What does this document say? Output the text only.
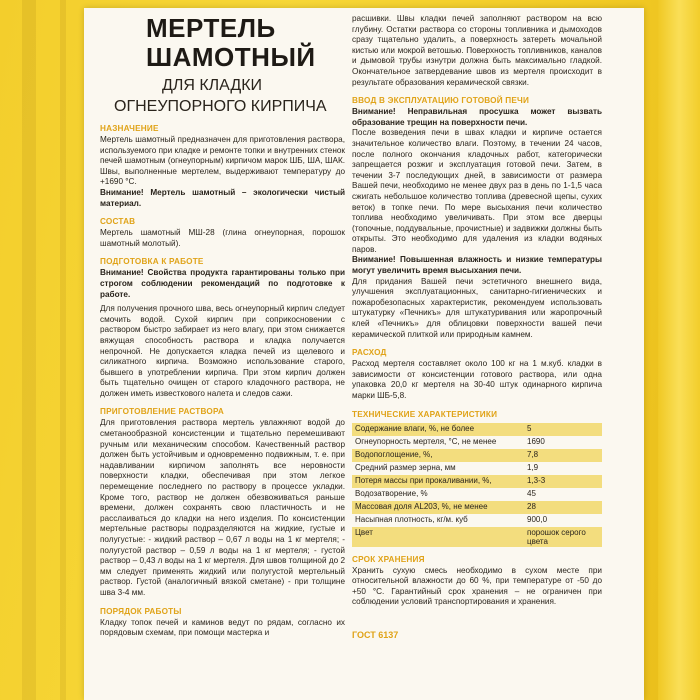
МЕРТЕЛЬ
ШАМОТНЫЙ
ДЛЯ КЛАДКИ
ОГНЕУПОРНОГО КИРПИЧА
НАЗНАЧЕНИЕ

Мертель шамотный предназначен для приготовления раствора, используемого при кладке и ремонте топки и внутренних стенок печей шамотным (огнеупорным) кирпичом марок ШБ, ША, ШАК. Швы, выполненные мертелем, выдерживают температуру до +1690 °С.

Внимание! Мертель шамотный – экологически чистый материал.

СОСТАВ

Мертель шамотный МШ-28 (глина огнеупорная, порошок шамотный молотый).

ПОДГОТОВКА К РАБОТЕ

Внимание! Свойства продукта гарантированы только при строгом соблюдении рекомендаций по подготовке к работе.

Для получения прочного шва, весь огнеупорный кирпич следует смочить водой. Сухой кирпич при соприкосновении с раствором быстро забирает из него влагу, при этом снижается вяжущая способность раствора и кладка получается непрочной. Не допускается кладка печей из щелевого и силикатного кирпича. Возможно использование старого, бывшего в употреблении кирпича. При этом кирпич должен быть тщательно очищен от старого кладочного раствора, не должен иметь известкового налета и следов сажи.

ПРИГОТОВЛЕНИЕ РАСТВОРА

Для приготовления раствора мертель увлажняют водой до сметанообразной консистенции и тщательно перемешивают ручным или механическим способом. Качественный раствор должен быть устойчивым и одновременно подвижным, т. е. при надавливании кирпичом заполнять все неровности поверхности кладки, обеспечивая при этом легкое перемещение последнего по раствору в процессе укладки. Кроме того, раствор не должен обезвоживаться раньше времени, должен сохранять свою пластичность и не расслаиваться до кладки на него изделия. По консистенции мертельные растворы подразделяются на жидкие, густые и полугустые: - жидкий раствор – 0,67 л воды на 1 кг мертеля; - полугустой раствор – 0,59 л воды на 1 кг мертеля; - густой раствор – 0,43 л воды на 1 кг мертеля. Для швов толщиной до 2 мм следует применять жидкий или полугустой мертельный раствор. Густой (аналогичный вязкой сметане) - при толщине шва 3-4 мм.

ПОРЯДОК РАБОТЫ

Кладку топок печей и каминов ведут по рядам, согласно их порядовым схемам, при помощи мастерка и

расшивки. Швы кладки печей заполняют раствором на всю глубину. Остатки раствора со стороны топливника и дымоходов сразу тщательно удалить, а поверхность затереть мочальной кистью или мокрой ветошью. Поверхность топливников, каналов и дымовой трубы изнутри должна быть максимально гладкой. Окончательное затвердевание швов из мертеля происходит в результате образования керамической связки.

ВВОД В ЭКСПЛУАТАЦИЮ ГОТОВОЙ ПЕЧИ

Внимание! Неправильная просушка может вызвать образование трещин на поверхности печи.

После возведения печи в швах кладки и кирпиче остается значительное количество влаги. Поэтому, в течении 24 часов, после полного окончания кладочных работ, категорически запрещается розжиг и эксплуатация готовой печи. Затем, в течении 3-7 последующих дней, в зависимости от размера Вашей печи, необходимо не менее двух раз в день по 1-1,5 часа сжигать небольшое количество топлива (древесной щепы, сухих веток) в топке печи. По мере высыхания печи количество топлива необходимо увеличивать. При этом все дверцы (топочные, поддувальные, прочистные) и задвижки должны быть открыты. Это необходимо для удаления из кладки водяных паров.

Внимание! Повышенная влажность и низкие температуры могут увеличить время высыхания печи.

Для придания Вашей печи эстетичного внешнего вида, улучшения эксплуатационных, санитарно-гигиенических и пожаробезопасных характеристик, рекомендуем использовать штукатурку «Печникъ» для штукатуривания или жаропрочный клей «Печникъ» для облицовки поверхности вашей печи керамической плиткой или природным камнем.

РАСХОД

Расход мертеля составляет около 100 кг на 1 м.куб. кладки в зависимости от консистенции готового раствора, или одна упаковка 20,0 кг мертеля на 30-40 штук одинарного кирпича марки ШБ-5,8.

ТЕХНИЧЕСКИЕ ХАРАКТЕРИСТИКИ
Содержание влаги, %, не более	5
Огнеупорность мертеля, °С, не менее	1690
Водопоглощение, %,	7,8
Средний размер зерна, мм	1,9
Потеря массы при прокаливании, %,	1,3-3
Водозатворение, %	45
Массовая доля AL203, %, не менее	28
Насыпная плотность, кг/м. куб	900,0
Цвет	порошок серого цвета
СРОК ХРАНЕНИЯ

Хранить сухую смесь необходимо в сухом месте при относительной влажности до 60 %, при температуре от -50 до +50 °С. Гарантийный срок хранения – не ограничен при соблюдении условий транспортирования и хранения.

ГОСТ 6137
